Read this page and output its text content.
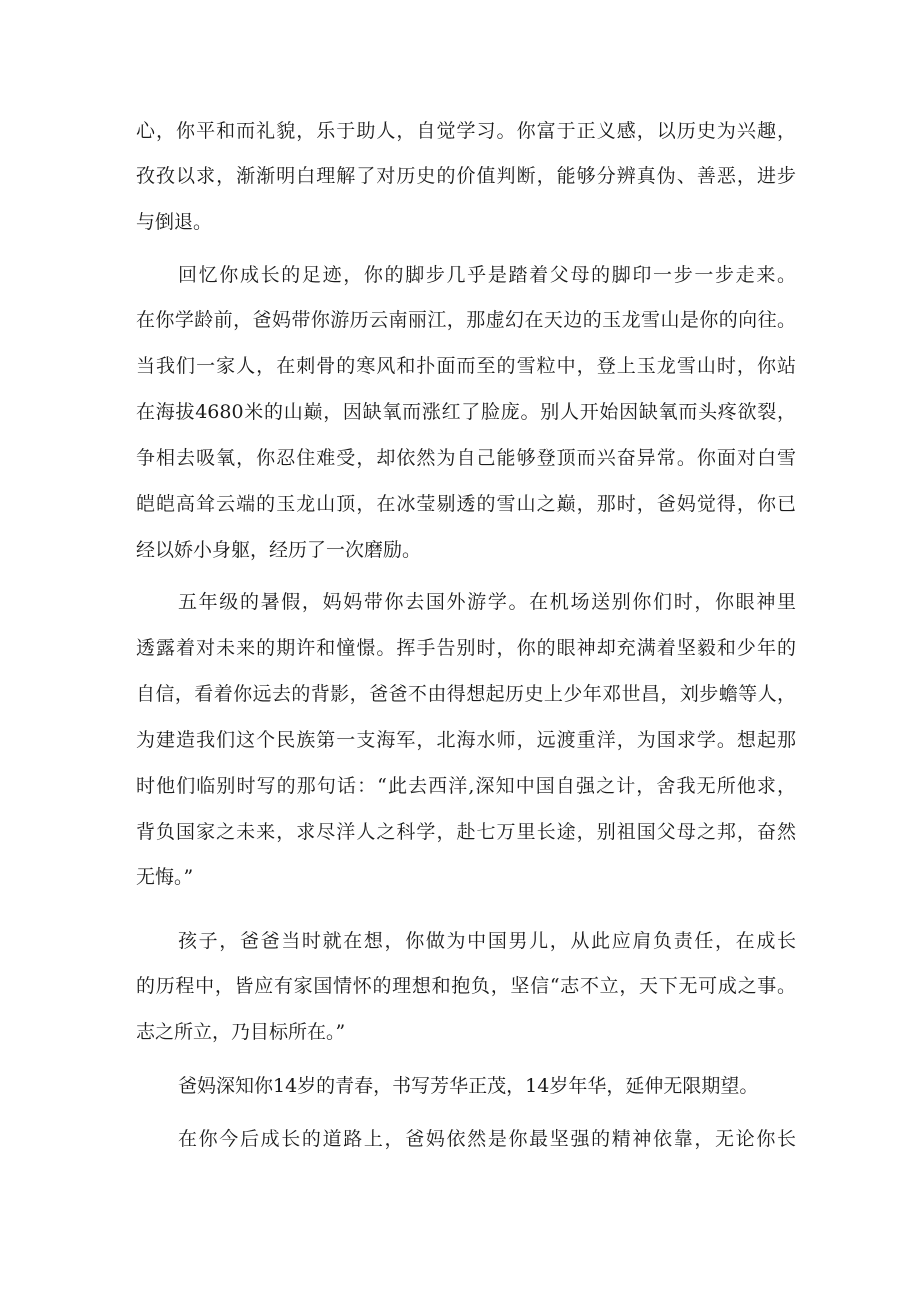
心，你平和而礼貌，乐于助人，自觉学习。你富于正义感，以历史为兴趣，

孜孜以求，渐渐明白理解了对历史的价值判断，能够分辨真伪、善恶，进步

与倒退。

回忆你成长的足迹，你的脚步几乎是踏着父母的脚印一步一步走来。

在你学龄前，爸妈带你游历云南丽江，那虚幻在天边的玉龙雪山是你的向往。

当我们一家人，在刺骨的寒风和扑面而至的雪粒中，登上玉龙雪山时，你站

在海拔4680米的山巅，因缺氧而涨红了脸庞。别人开始因缺氧而头疼欲裂，

争相去吸氧，你忍住难受，却依然为自己能够登顶而兴奋异常。你面对白雪

皑皑高耸云端的玉龙山顶，在冰莹剔透的雪山之巅，那时，爸妈觉得，你已

经以娇小身躯，经历了一次磨励。

五年级的暑假，妈妈带你去国外游学。在机场送别你们时，你眼神里

透露着对未来的期许和憧憬。挥手告别时，你的眼神却充满着坚毅和少年的

自信，看着你远去的背影，爸爸不由得想起历史上少年邓世昌，刘步蟾等人，

为建造我们这个民族第一支海军，北海水师，远渡重洋，为国求学。想起那

时他们临别时写的那句话：“此去西洋,深知中国自强之计，舍我无所他求，

背负国家之未来，求尽洋人之科学，赴七万里长途，别祖国父母之邦，奋然

无悔。”

孩子，爸爸当时就在想，你做为中国男儿，从此应肩负责任，在成长

的历程中，皆应有家国情怀的理想和抱负，坚信“志不立，天下无可成之事。

志之所立，乃目标所在。”

爸妈深知你14岁的青春，书写芳华正茂，14岁年华，延伸无限期望。

在你今后成长的道路上，爸妈依然是你最坚强的精神依靠，无论你长
